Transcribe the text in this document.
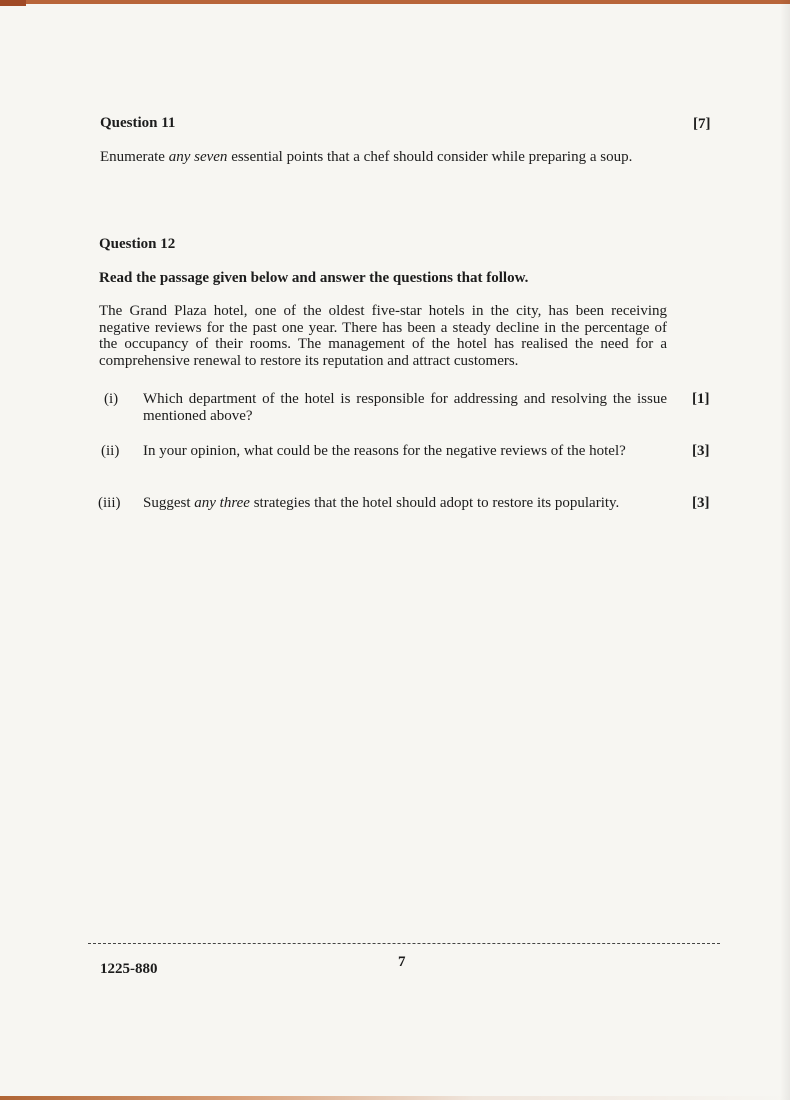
Question 11	[7]
Enumerate any seven essential points that a chef should consider while preparing a soup.
Question 12
Read the passage given below and answer the questions that follow.
The Grand Plaza hotel, one of the oldest five-star hotels in the city, has been receiving negative reviews for the past one year. There has been a steady decline in the percentage of the occupancy of their rooms. The management of the hotel has realised the need for a comprehensive renewal to restore its reputation and attract customers.
(i) Which department of the hotel is responsible for addressing and resolving the issue mentioned above?
[1]
(ii) In your opinion, what could be the reasons for the negative reviews of the hotel?	[3]
(iii) Suggest any three strategies that the hotel should adopt to restore its popularity.	[3]
1225-880	7
